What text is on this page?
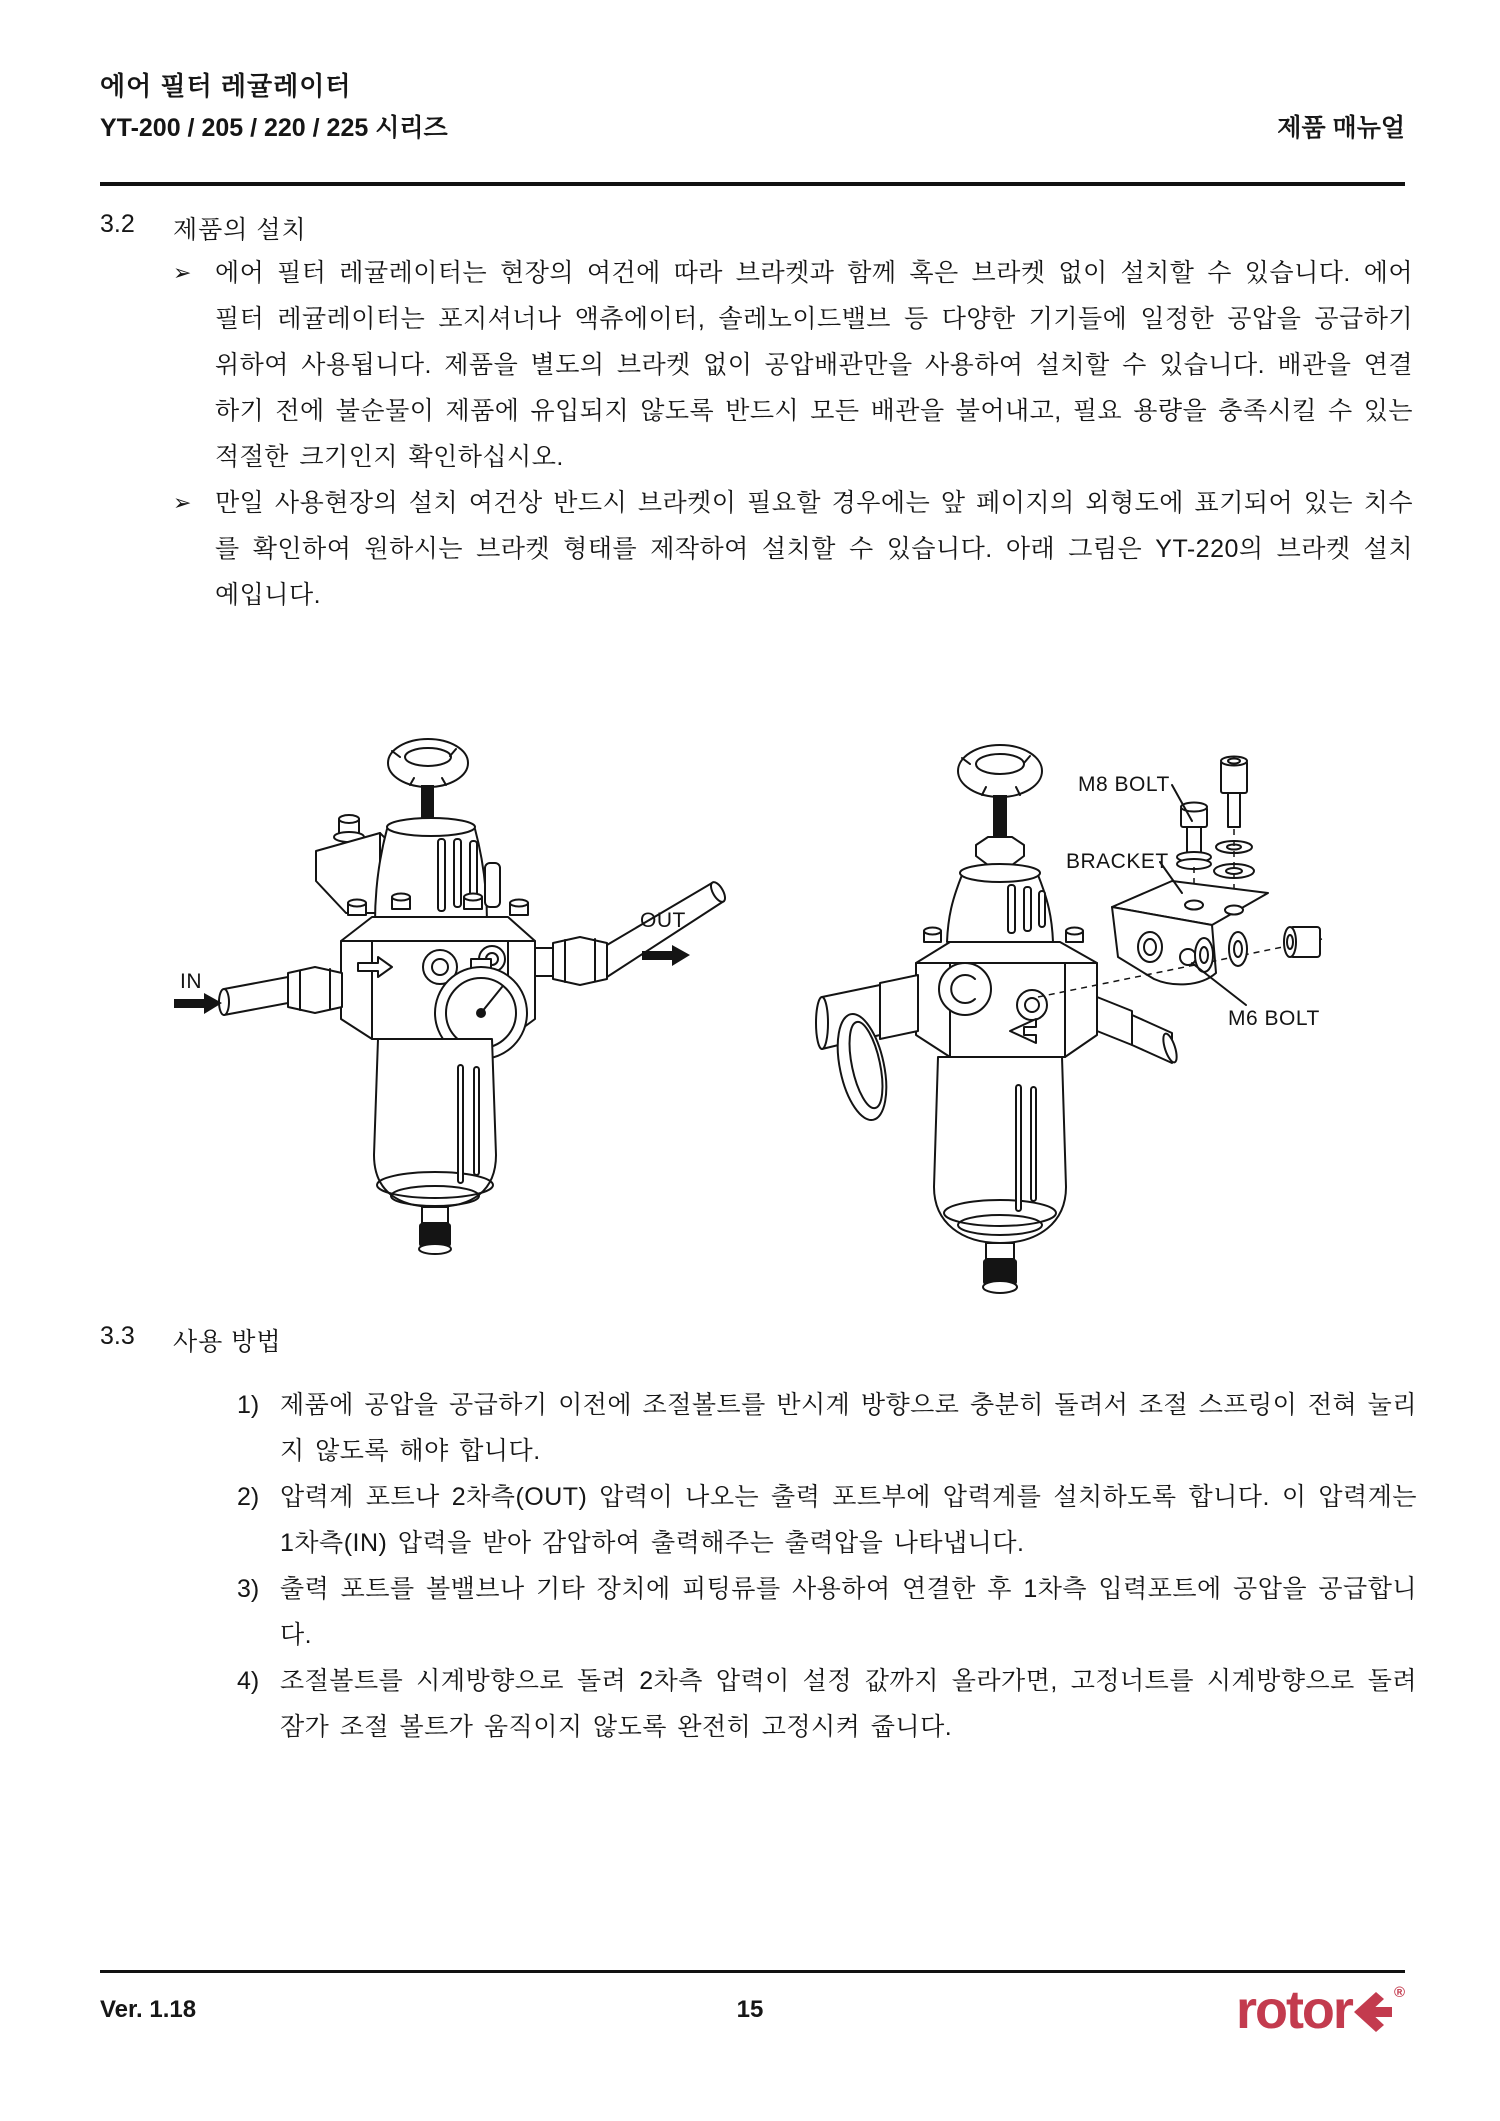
에어 필터 레귤레이터
YT-200 / 205 / 220 / 225 시리즈	제품 매뉴얼
3.2	제품의 설치
➢ 에어 필터 레귤레이터는 현장의 여건에 따라 브라켓과 함께 혹은 브라켓 없이 설치할 수 있습니다. 에어 필터 레귤레이터는 포지셔너나 액츄에이터, 솔레노이드밸브 등 다양한 기기들에 일정한 공압을 공급하기 위하여 사용됩니다. 제품을 별도의 브라켓 없이 공압배관만을 사용하여 설치할 수 있습니다. 배관을 연결하기 전에 불순물이 제품에 유입되지 않도록 반드시 모든 배관을 불어내고, 필요 용량을 충족시킬 수 있는 적절한 크기인지 확인하십시오.
➢ 만일 사용현장의 설치 여건상 반드시 브라켓이 필요할 경우에는 앞 페이지의 외형도에 표기되어 있는 치수를 확인하여 원하시는 브라켓 형태를 제작하여 설치할 수 있습니다. 아래 그림은 YT-220의 브라켓 설치 예입니다.
IN
OUT
M8 BOLT
BRACKET
M6 BOLT
3.3	사용 방법
1) 제품에 공압을 공급하기 이전에 조절볼트를 반시계 방향으로 충분히 돌려서 조절 스프링이 전혀 눌리지 않도록 해야 합니다.
2) 압력계 포트나 2차측(OUT) 압력이 나오는 출력 포트부에 압력계를 설치하도록 합니다. 이 압력계는 1차측(IN) 압력을 받아 감압하여 출력해주는 출력압을 나타냅니다.
3) 출력 포트를 볼밸브나 기타 장치에 피팅류를 사용하여 연결한 후 1차측 입력포트에 공압을 공급합니다.
4) 조절볼트를 시계방향으로 돌려 2차측 압력이 설정 값까지 올라가면, 고정너트를 시계방향으로 돌려 잠가 조절 볼트가 움직이지 않도록 완전히 고정시켜 줍니다.
Ver. 1.18	15	rotor	®
